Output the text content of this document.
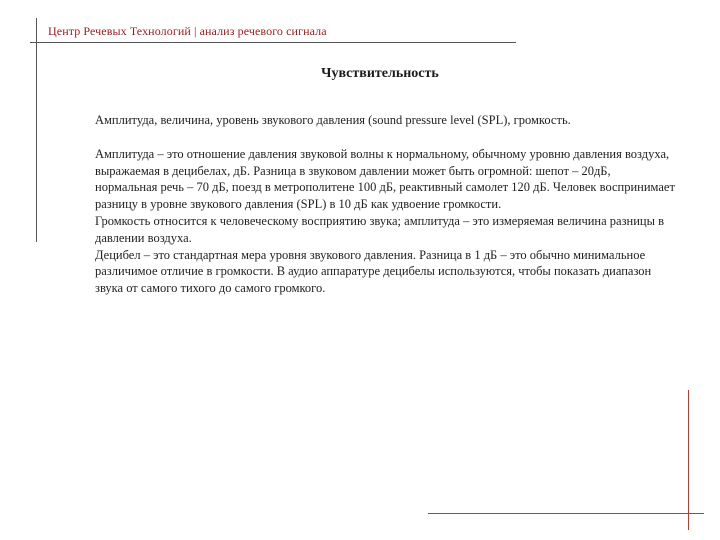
Центр Речевых Технологий | анализ речевого сигнала
Чувствительность

Амплитуда, величина, уровень звукового давления (sound pressure level (SPL), громкость.

Амплитуда – это отношение давления звуковой волны к нормальному, обычному уровню давления воздуха, выражаемая в децибелах, дБ. Разница в звуковом давлении может быть огромной: шепот – 20дБ, нормальная речь – 70 дБ, поезд в метрополитене 100 дБ, реактивный самолет 120 дБ. Человек воспринимает разницу в уровне звукового давления (SPL) в 10 дБ как удвоение громкости.

Громкость относится к человеческому восприятию звука; амплитуда – это измеряемая величина разницы в давлении воздуха.

Децибел – это стандартная мера уровня звукового давления. Разница в 1 дБ – это обычно минимальное различимое отличие в громкости. В аудио аппаратуре децибелы используются, чтобы показать диапазон звука от самого тихого до самого громкого.
